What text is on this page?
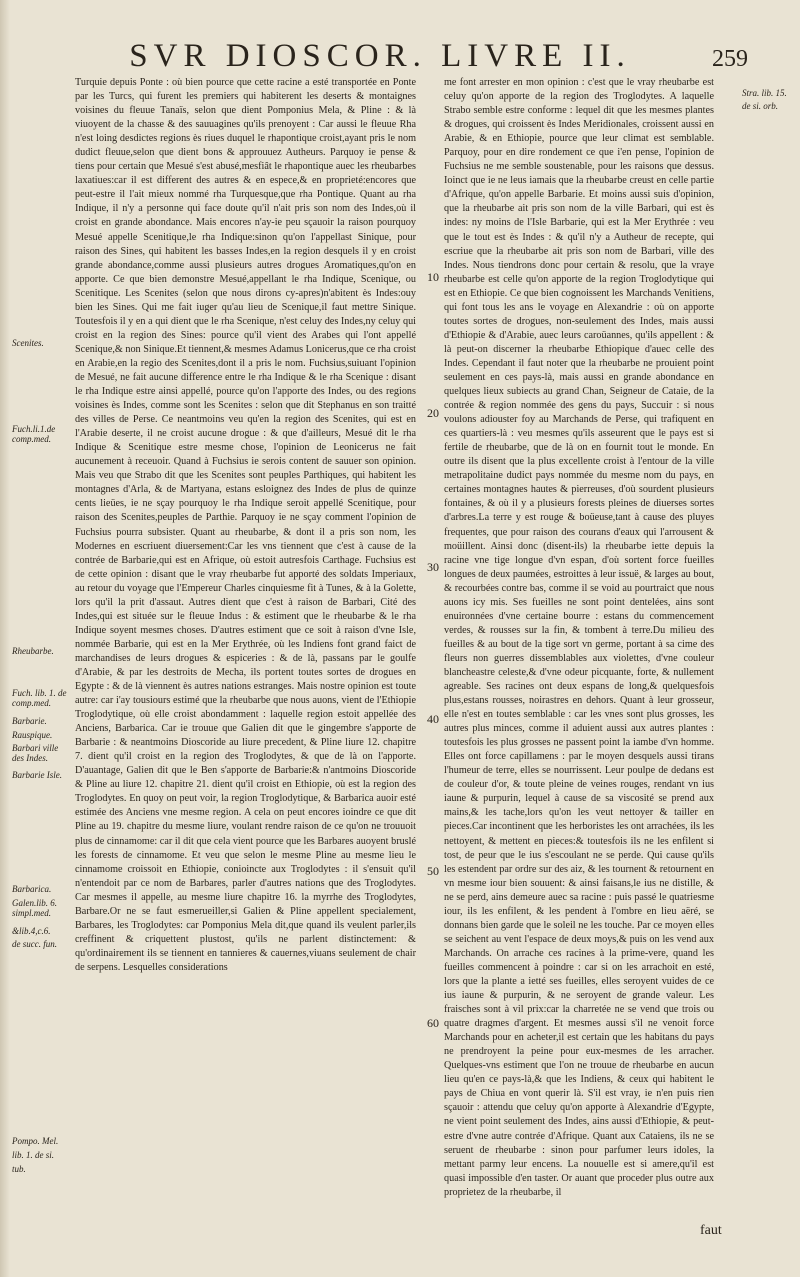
SVR DIOSCOR. LIVRE II.	259

Turquie depuis Ponte : où bien pource que cette racine a esté transportée en Ponte par les Turcs, qui furent les premiers qui habiterent les deserts & montaignes voisines du fleuue Tanaïs, selon que dient Pomponius Mela, & Pline : & là viuoyent de la chasse & des sauuagines qu'ils prenoyent : Car aussi le fleuue Rha n'est loing desdictes regions ès riues duquel le rhapontique croist,ayant pris le nom dudict fleuue,selon que dient bons & approuuez Autheurs. Parquoy ie pense & tiens pour certain que Mesué s'est abusé,mesfiât le rhapontique auec les rheubarbes laxatiues:car il est different des autres & en espece,& en proprieté:encores que peut-estre il l'ait mieux nommé rha Turquesque,que rha Pontique. Quant au rha Indique, il n'y a personne qui face doute qu'il n'ait pris son nom des Indes,où il croist en grande abondance. Mais encores n'ay-ie peu sçauoir la raison pourquoy Mesué appelle Scenitique,le rha Indique:sinon qu'on l'appellast Sinique, pour raison des Sines, qui habitent les basses Indes,en la region desquels il y en croist grande abondance,comme aussi plusieurs autres drogues Aromatiques,qu'on en apporte. Ce que bien demonstre Mesué,appellant le rha Indique, Scenique, ou Scenitique. Les Scenites (selon que nous dirons cy-apres)n'abitent ès Indes:ouy bien les Sines. Qui me fait iuger qu'au lieu de Scenique,il faut mettre Sinique. Toutesfois il y en a qui dient que le rha Scenique, n'est celuy des Indes,ny celuy qui croist en la region des Sines: pource qu'il vient des Arabes qui l'ont appellé Scenique,& non Sinique.Et tiennent,& mesmes Adamus Lonicerus,que ce rha croist en Arabie,en la regio des Scenites,dont il a pris le nom. Fuchsius,suiuant l'opinion de Mesué, ne fait aucune difference entre le rha Indique & le rha Scenique : disant le rha Indique estre ainsi appellé, pource qu'on l'apporte des Indes, ou des regions voisines ès Indes, comme sont les Scenites : selon que dit Stephanus en son traitté des villes de Perse. Ce neantmoins veu qu'en la region des Scenites, qui est en l'Arabie deserte, il ne croist aucune drogue : & que d'ailleurs, Mesué dit le rha Indique & Scenitique estre mesme chose, l'opinion de Leonicerus ne fait aucunement à receuoir. Quand à Fuchsius ie serois content de sauuer son opinion. Mais veu que Strabo dit que les Scenites sont peuples Parthiques, qui habitent les montagnes d'Arla, & de Martyana, estans esloignez des Indes de plus de quinze cents lieües, ie ne sçay pourquoy le rha Indique seroit appellé Scenitique, pour raison des Scenites,peuples de Parthie. Parquoy ie ne sçay comment l'opinion de Fuchsius pourra subsister. Quant au rheubarbe, & dont il a pris son nom, les Modernes en escriuent diuersement:Car les vns tiennent que c'est à cause de la contrée de Barbarie,qui est en Afrique, où estoit autresfois Carthage. Fuchsius est de cette opinion : disant que le vray rheubarbe fut apporté des soldats Imperiaux, au retour du voyage que l'Empereur Charles cinquiesme fit à Tunes, & à la Golette, lors qu'il la prit d'assaut. Autres dient que c'est à raison de Barbari, Cité des Indes,qui est située sur le fleuue Indus : & estiment que le rheubarbe & le rha Indique soyent mesmes choses. D'autres estiment que ce soit à raison d'vne Isle, nommée Barbarie, qui est en la Mer Erythrée, où les Indiens font grand faict de marchandises de leurs drogues & espiceries : & de là, passans par le goulfe d'Arabie, & par les destroits de Mecha, ils portent toutes sortes de drogues en Egypte : & de là viennent ès autres nations estranges. Mais nostre opinion est toute autre: car i'ay tousiours estimé que la rheubarbe que nous auons, vient de l'Ethiopie Troglodytique, où elle croist abondamment : laquelle region estoit appellée des Anciens, Barbarica. Car ie trouue que Galien dit que le gingembre s'apporte de Barbarie : & neantmoins Dioscoride au liure precedent, & Pline liure 12. chapitre 7. dient qu'il croist en la region des Troglodytes, & que de là on l'apporte. D'auantage, Galien dit que le Ben s'apporte de Barbarie:& n'antmoins Dioscoride & Pline au liure 12. chapitre 21. dient qu'il croist en Ethiopie, où est la region des Troglodytes. En quoy on peut voir, la region Troglodytique, & Barbarica auoir esté estimée des Anciens vne mesme region. A cela on peut encores ioindre ce que dit Pline au 19. chapitre du mesme liure, voulant rendre raison de ce qu'on ne trouuoit plus de cinnamome: car il dit que cela vient pource que les Barbares auoyent bruslé les forests de cinnamome. Et veu que selon le mesme Pline au mesme lieu le cinnamome croissoit en Ethiopie, conioincte aux Troglodytes : il s'ensuit qu'il n'entendoit par ce nom de Barbares, parler d'autres nations que des Troglodytes. Car mesmes il appelle, au mesme liure chapitre 16. la myrrhe des Troglodytes, Barbare.Or ne se faut esmerueiller,si Galien & Pline appellent specialement, Barbares, les Troglodytes: car Pomponius Mela dit,que quand ils veulent parler,ils creffinent & criquettent plustost, qu'ils ne parlent distinctement: & qu'ordinairement ils se tiennent en tannieres & cauernes,viuans seulement de chair de serpens. Lesquelles considerations

me font arrester en mon opinion : c'est que le vray rheubarbe est celuy qu'on apporte de la region des Troglodytes. A laquelle Strabo semble estre conforme : lequel dit que les mesmes plantes & drogues, qui croissent ès Indes Meridionales, croissent aussi en Arabie, & en Ethiopie, pource que leur climat est semblable. Parquoy, pour en dire rondement ce que i'en pense, l'opinion de Fuchsius ne me semble soustenable, pour les raisons que dessus. Ioinct que ie ne leus iamais que la rheubarbe creust en celle partie d'Afrique, qu'on appelle Barbarie. Et moins aussi suis d'opinion, que la rheubarbe ait pris son nom de la ville Barbari, qui est ès indes: ny moins de l'Isle Barbarie, qui est la Mer Erythrée : veu que le tout est ès Indes : & qu'il n'y a Autheur de recepte, qui escriue que la rheubarbe ait pris son nom de Barbari, ville des Indes. Nous tiendrons donc pour certain & resolu, que la vraye rheubarbe est celle qu'on apporte de la region Troglodytique qui est en Ethiopie. Ce que bien cognoissent les Marchands Venitiens, qui font tous les ans le voyage en Alexandrie : où on apporte toutes sortes de drogues, non-seulement des Indes, mais aussi d'Ethiopie & d'Arabie, auec leurs caroüannes, qu'ils appellent : & là peut-on discerner la rheubarbe Ethiopique d'auec celle des Indes. Cependant il faut noter que la rheubarbe ne prouient point seulement en ces pays-là, mais aussi en grande abondance en quelques lieux subiects au grand Chan, Seigneur de Cataie, de la contrée & region nommée des gens du pays, Succuir : si nous voulons adiouster foy au Marchands de Perse, qui trafiquent en ces quartiers-là : veu mesmes qu'ils asseurent que le pays est si fertile de rheubarbe, que de là on en fournit tout le monde. En outre ils disent que la plus excellente croist à l'entour de la ville metrapolitaine dudict pays nommée du mesme nom du pays, en certaines montagnes hautes & pierreuses, d'où sourdent plusieurs fontaines, & où il y a plusieurs forests pleines de diuerses sortes d'arbres.La terre y est rouge & boüeuse,tant à cause des pluyes frequentes, que pour raison des courans d'eaux qui l'arrousent & moüillent. Ainsi donc (disent-ils) la rheubarbe iette depuis la racine vne tige longue d'vn espan, d'où sortent force fueilles longues de deux paumées, estroittes à leur issuë, & larges au bout, & recourbées contre bas, comme il se void au pourtraict que nous auons icy mis. Ses fueilles ne sont point dentelées, ains sont enuironnées d'vne certaine bourre : estans du commencement verdes, & rousses sur la fin, & tombent à terre.Du milieu des fueilles & au bout de la tige sort vn germe, portant à sa cime des fleurs non guerres dissemblables aux violettes, d'vne couleur blancheastre celeste,& d'vne odeur picquante, forte, & nullement agreable. Ses racines ont deux espans de long,& quelquesfois plus,estans rousses, noirastres en dehors. Quant à leur grosseur, elle n'est en toutes semblable : car les vnes sont plus grosses, les autres plus minces, comme il aduient aussi aux autres plantes : toutesfois les plus grosses ne passent point la iambe d'vn homme. Elles ont force capillamens : par le moyen desquels aussi tirans l'humeur de terre, elles se nourrissent. Leur poulpe de dedans est de couleur d'or, & toute pleine de veines rouges, rendant vn ius iaune & purpurin, lequel à cause de sa viscosité se prend aux mains,& les tache,lors qu'on les veut nettoyer & tailler en pieces.Car incontinent que les herboristes les ont arrachées, ils les nettoyent, & mettent en pieces:& toutesfois ils ne les enfilent si tost, de peur que le ius s'escoulant ne se perde. Qui cause qu'ils les estendent par ordre sur des aiz, & les tournent & retournent en vn mesme iour bien souuent: & ainsi faisans,le ius ne distille, & ne se perd, ains demeure auec sa racine : puis passé le quatriesme iour, ils les enfilent, & les pendent à l'ombre en lieu aëré, se donnans bien garde que le soleil ne les touche. Par ce moyen elles se seichent au vent l'espace de deux moys,& puis on les vend aux Marchands. On arrache ces racines à la prime-vere, quand les fueilles commencent à poindre : car si on les arrachoit en esté, lors que la plante a ietté ses fueilles, elles seroyent vuides de ce ius iaune & purpurin, & ne seroyent de grande valeur. Les fraisches sont à vil prix:car la charretée ne se vend que trois ou quatre dragmes d'argent. Et mesmes aussi s'il ne venoit force Marchands pour en acheter,il est certain que les habitans du pays ne prendroyent la peine pour eux-mesmes de les arracher. Quelques-vns estiment que l'on ne trouue de rheubarbe en aucun lieu qu'en ce pays-là,& que les Indiens, & ceux qui habitent le pays de Chiua en vont querir là. S'il est vray, ie n'en puis rien sçauoir : attendu que celuy qu'on apporte à Alexandrie d'Egypte, ne vient point seulement des Indes, ains aussi d'Ethiopie, & peut-estre d'vne autre contrée d'Afrique. Quant aux Cataiens, ils ne se seruent de rheubarbe : sinon pour parfumer leurs idoles, la mettant parmy leur encens. La nouuelle est si amere,qu'il est quasi impossible d'en taster. Or auant que proceder plus outre aux proprietez de la rheubarbe, il

10
20
30
40
50
60
Scenites.
Fuch.li.1.de comp.med.
Rheubarbe.
Fuch. lib. 1. de comp.med.
Barbarie.
Rauspique.
Barbari ville des Indes.
Barbarie Isle.
Barbarica.
Galen.lib. 6. simpl.med.
&lib.4,c.6.
de succ. fun.
Pompo. Mel.
lib. 1. de si.
tub.
Stra. lib. 15.
de si. orb.
faut
